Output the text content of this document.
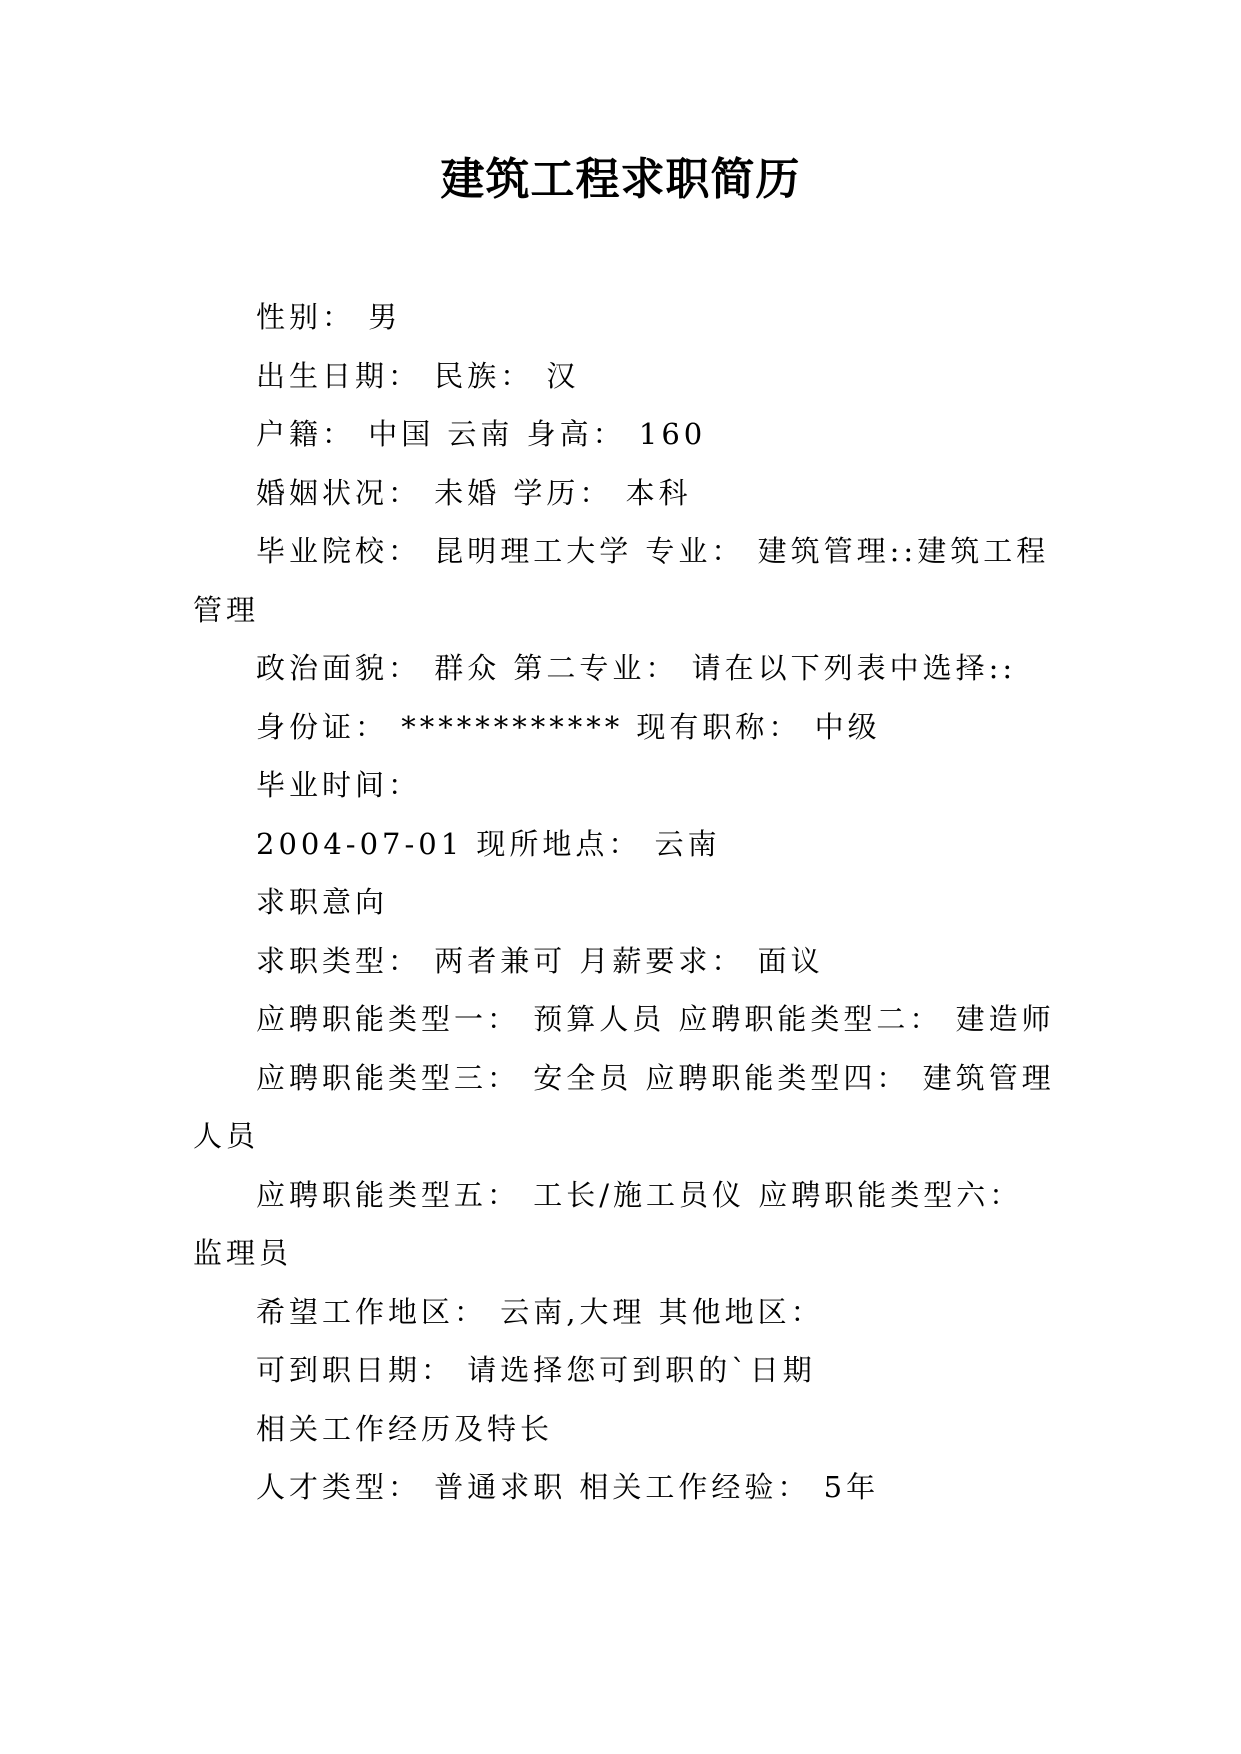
建筑工程求职简历

性别： 男

出生日期： 民族： 汉

户籍： 中国 云南 身高： 160

婚姻状况： 未婚 学历： 本科

毕业院校： 昆明理工大学 专业： 建筑管理::建筑工程管理

政治面貌： 群众 第二专业： 请在以下列表中选择::

身份证： ************ 现有职称： 中级

毕业时间：

2004-07-01 现所地点： 云南

求职意向

求职类型： 两者兼可 月薪要求： 面议

应聘职能类型一： 预算人员 应聘职能类型二： 建造师

应聘职能类型三： 安全员 应聘职能类型四： 建筑管理人员

应聘职能类型五： 工长/施工员仪 应聘职能类型六：监理员

希望工作地区： 云南,大理 其他地区：

可到职日期： 请选择您可到职的`日期

相关工作经历及特长

人才类型： 普通求职 相关工作经验： 5年
